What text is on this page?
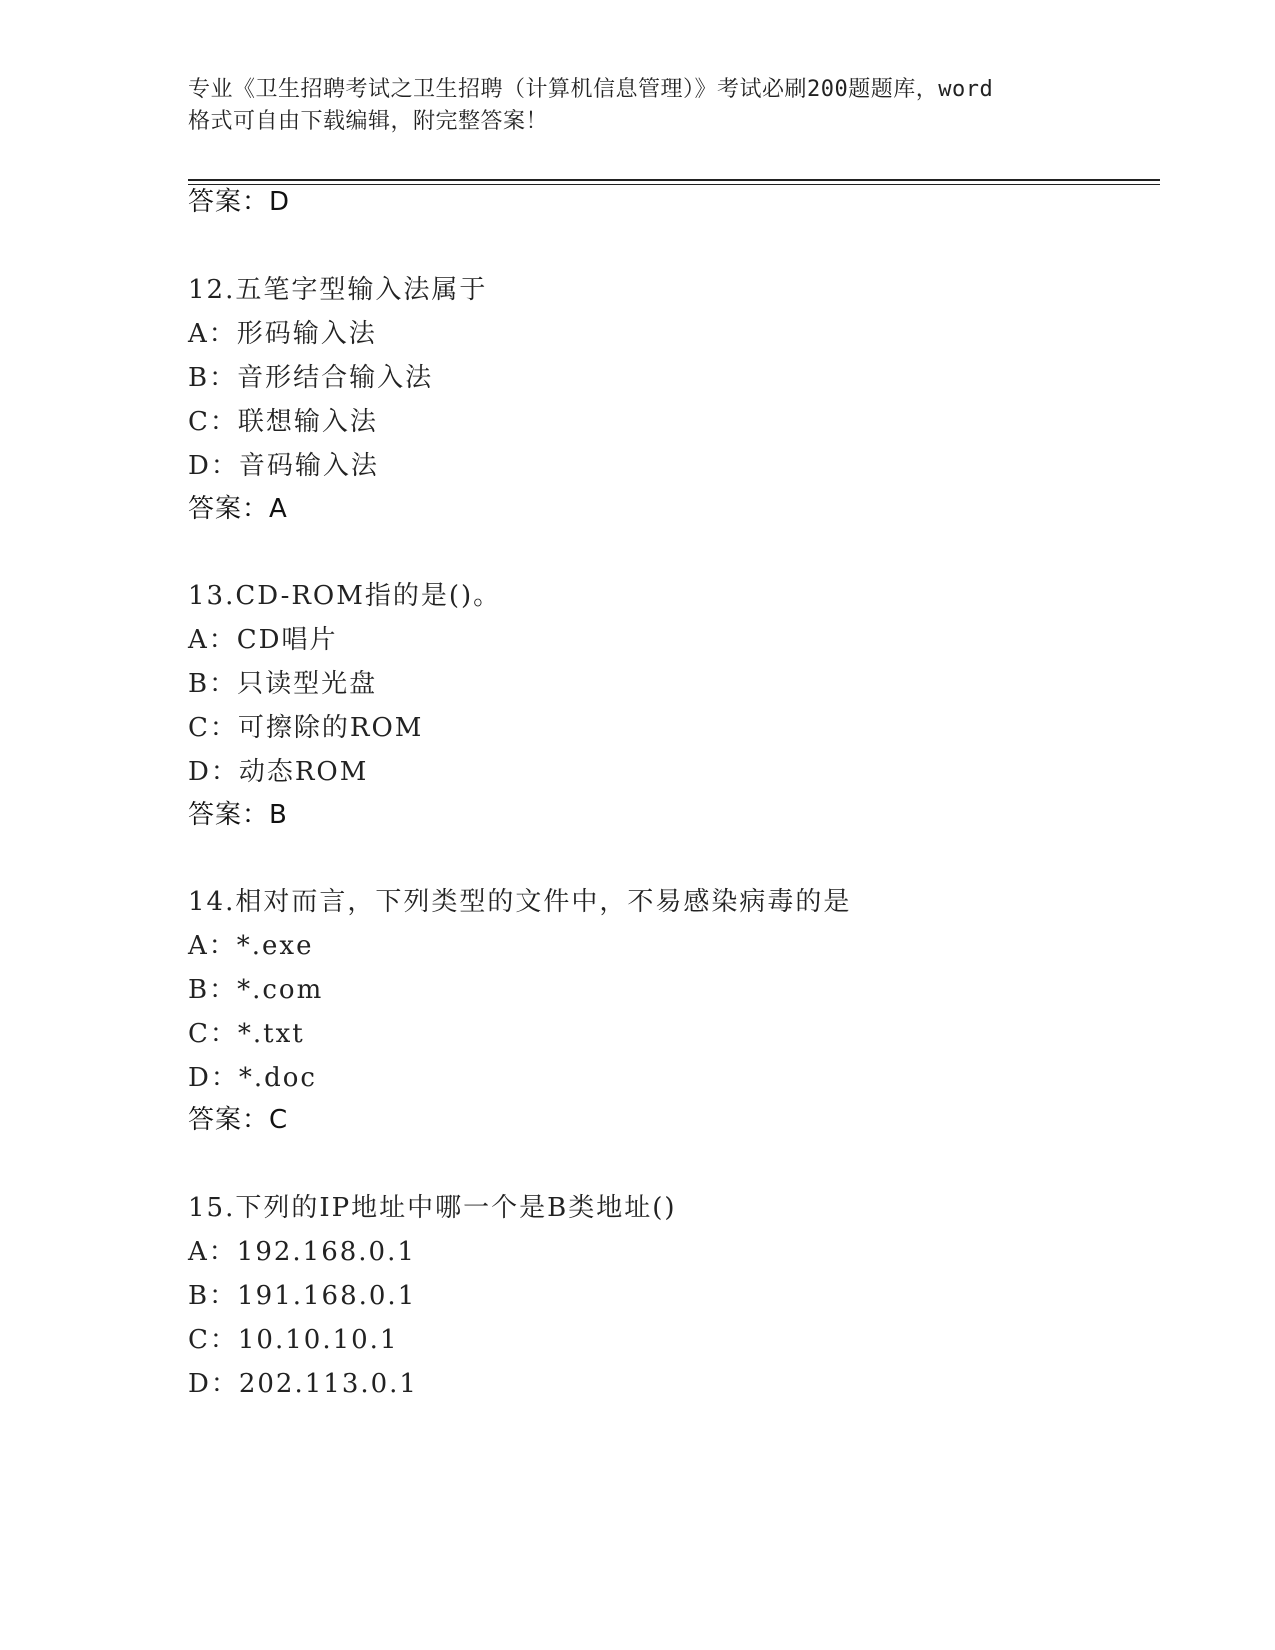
专业《卫生招聘考试之卫生招聘（计算机信息管理）》考试必刷200题题库，word
格式可自由下载编辑，附完整答案！
答案：D
12.五笔字型输入法属于
A：形码输入法
B：音形结合输入法
C：联想输入法
D：音码输入法
答案：A
13.CD-ROM指的是()。
A：CD唱片
B：只读型光盘
C：可擦除的ROM
D：动态ROM
答案：B
14.相对而言，下列类型的文件中，不易感染病毒的是
A：*.exe
B：*.com
C：*.txt
D：*.doc
答案：C
15.下列的IP地址中哪一个是B类地址()
A：192.168.0.1
B：191.168.0.1
C：10.10.10.1
D：202.113.0.1
